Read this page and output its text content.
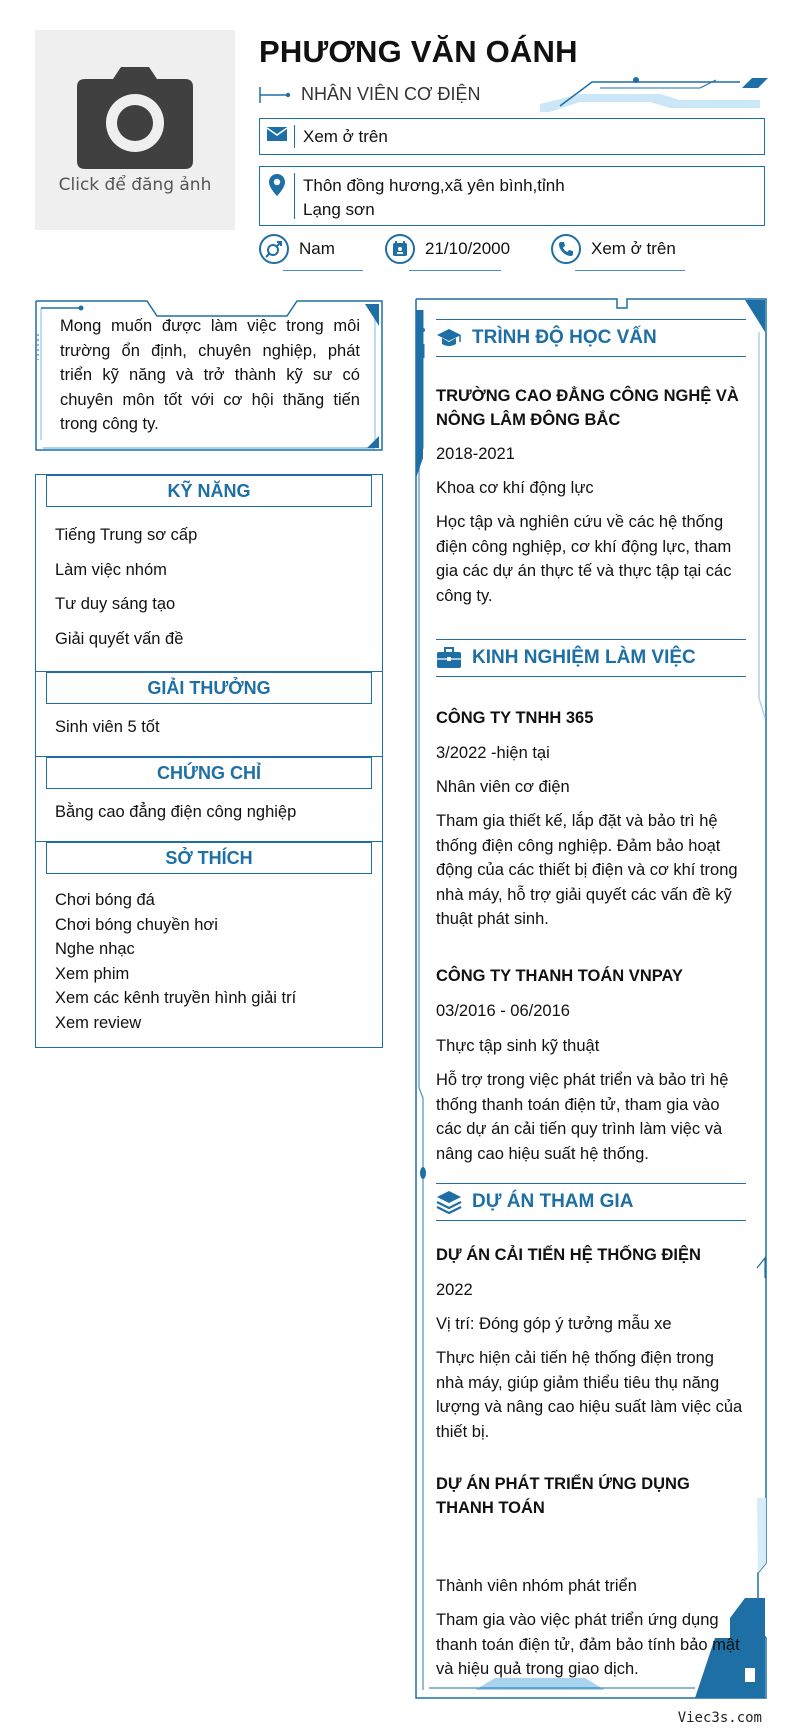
Click để đăng ảnh
PHƯƠNG VĂN OÁNH
NHÂN VIÊN CƠ ĐIỆN
Xem ở trên
Thôn đồng hương,xã yên bình,tỉnh Lạng sơn
Nam	21/10/2000	Xem ở trên
Mong muốn được làm việc trong môi trường ổn định, chuyên nghiệp, phát triển kỹ năng và trở thành kỹ sư có chuyên môn tốt với cơ hội thăng tiến trong công ty.
KỸ NĂNG
Tiếng Trung sơ cấp
Làm việc nhóm
Tư duy sáng tạo
Giải quyết vấn đề
GIẢI THƯỞNG
Sinh viên 5 tốt
CHỨNG CHỈ
Bằng cao đẳng điện công nghiệp
SỞ THÍCH
Chơi bóng đá
Chơi bóng chuyền hơi
Nghe nhạc
Xem phim
Xem các kênh truyền hình giải trí
Xem review
TRÌNH ĐỘ HỌC VẤN
TRƯỜNG CAO ĐẲNG CÔNG NGHỆ VÀ NÔNG LÂM ĐÔNG BẮC
2018-2021
Khoa cơ khí động lực
Học tập và nghiên cứu về các hệ thống điện công nghiệp, cơ khí động lực, tham gia các dự án thực tế và thực tập tại các công ty.
KINH NGHIỆM LÀM VIỆC
CÔNG TY TNHH 365
3/2022 -hiện tại
Nhân viên cơ điện
Tham gia thiết kế, lắp đặt và bảo trì hệ thống điện công nghiệp. Đảm bảo hoạt động của các thiết bị điện và cơ khí trong nhà máy, hỗ trợ giải quyết các vấn đề kỹ thuật phát sinh.
CÔNG TY THANH TOÁN VNPAY
03/2016 - 06/2016
Thực tập sinh kỹ thuật
Hỗ trợ trong việc phát triển và bảo trì hệ thống thanh toán điện tử, tham gia vào các dự án cải tiến quy trình làm việc và nâng cao hiệu suất hệ thống.
DỰ ÁN THAM GIA
DỰ ÁN CẢI TIẾN HỆ THỐNG ĐIỆN
2022
Vị trí: Đóng góp ý tưởng mẫu xe
Thực hiện cải tiến hệ thống điện trong nhà máy, giúp giảm thiểu tiêu thụ năng lượng và nâng cao hiệu suất làm việc của thiết bị.
DỰ ÁN PHÁT TRIỂN ỨNG DỤNG THANH TOÁN
Thành viên nhóm phát triển
Tham gia vào việc phát triển ứng dụng thanh toán điện tử, đảm bảo tính bảo mật và hiệu quả trong giao dịch.
Viec3s.com
